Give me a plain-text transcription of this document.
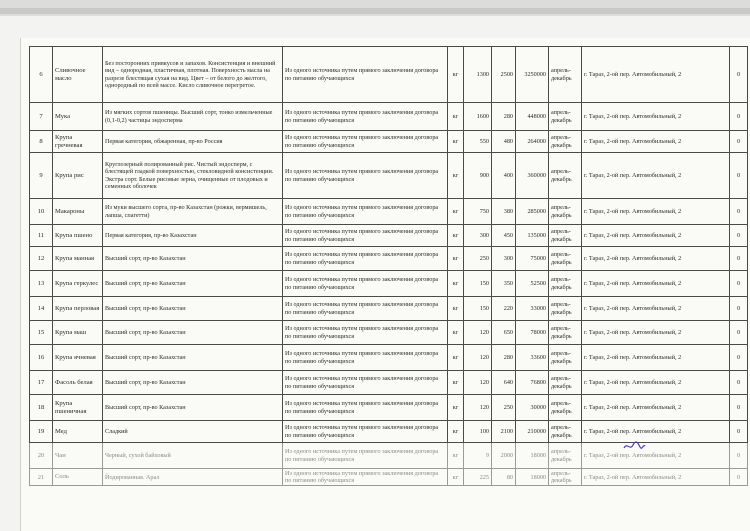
6	Сливочное масло	Без посторонних привкусов и запахов. Консистенция и внешний вид – однородная, пластичная, плотная. Поверхность масла на разрезе блестящая сухая на вид. Цвет – от белого до желтого, однородный по всей массе. Кисло сливочное перегретое.	Из одного источника путем прямого заключения договора по питанию обучающихся	кг	1300	2500	3250000	апрель-декабрь	г. Тараз, 2-ой пер. Автомобильный, 2	0
7	Мука	Из мягких сортов пшеницы. Высший сорт, тонко измельченные (0,1-0,2) частицы эндосперма	Из одного источника путем прямого заключения договора по питанию обучающихся	кг	1600	280	448000	апрель-декабрь	г. Тараз, 2-ой пер. Автомобильный, 2	0
8	Крупа гречневая	Первая категория, обжаренная, пр-во Россия	Из одного источника путем прямого заключения договора по питанию обучающихся	кг	550	480	264000	апрель-декабрь	г. Тараз, 2-ой пер. Автомобильный, 2	0
9	Крупа рис	Круглозерный полированный рис. Чистый эндосперм, с блестящей гладкой поверхностью, стекловидной консистенции. Экстра сорт. Белые рисовые зерна, очищенные от плодовых и семенных оболочек	Из одного источника путем прямого заключения договора по питанию обучающихся	кг	900	400	360000	апрель-декабрь	г. Тараз, 2-ой пер. Автомобильный, 2	0
10	Макароны	Из муки высшего сорта, пр-во Казахстан (рожки, вермишель, лапша, спагетти)	Из одного источника путем прямого заключения договора по питанию обучающихся	кг	750	380	285000	апрель-декабрь	г. Тараз, 2-ой пер. Автомобильный, 2	0
11	Крупа пшено	Первая категория, пр-во Казахстан	Из одного источника путем прямого заключения договора по питанию обучающихся	кг	300	450	135000	апрель-декабрь	г. Тараз, 2-ой пер. Автомобильный, 2	0
12	Крупа манная	Высший сорт, пр-во Казахстан	Из одного источника путем прямого заключения договора по питанию обучающихся	кг	250	300	75000	апрель-декабрь	г. Тараз, 2-ой пер. Автомобильный, 2	0
13	Крупа геркулес	Высший сорт, пр-во Казахстан	Из одного источника путем прямого заключения договора по питанию обучающихся	кг	150	350	52500	апрель-декабрь	г. Тараз, 2-ой пер. Автомобильный, 2	0
14	Крупа перловая	Высший сорт, пр-во Казахстан	Из одного источника путем прямого заключения договора по питанию обучающихся	кг	150	220	33000	апрель-декабрь	г. Тараз, 2-ой пер. Автомобильный, 2	0
15	Крупа маш	Высший сорт, пр-во Казахстан	Из одного источника путем прямого заключения договора по питанию обучающихся	кг	120	650	78000	апрель-декабрь	г. Тараз, 2-ой пер. Автомобильный, 2	0
16	Крупа ячневая	Высший сорт, пр-во Казахстан	Из одного источника путем прямого заключения договора по питанию обучающихся	кг	120	280	33600	апрель-декабрь	г. Тараз, 2-ой пер. Автомобильный, 2	0
17	Фасоль белая	Высший сорт, пр-во Казахстан	Из одного источника путем прямого заключения договора по питанию обучающихся	кг	120	640	76800	апрель-декабрь	г. Тараз, 2-ой пер. Автомобильный, 2	0
18	Крупа пшеничная	Высший сорт, пр-во Казахстан	Из одного источника путем прямого заключения договора по питанию обучающихся	кг	120	250	30000	апрель-декабрь	г. Тараз, 2-ой пер. Автомобильный, 2	0
19	Мед	Сладкий	Из одного источника путем прямого заключения договора по питанию обучающихся	кг	100	2100	210000	апрель-декабрь	г. Тараз, 2-ой пер. Автомобильный, 2	0
20	Чаи	Черный, сухой байховый	Из одного источника путем прямого заключения договора по питанию обучающихся	кг	9	2000	18000	апрель-декабрь	г. Тараз, 2-ой пер. Автомобильный, 2	0
21	Соль	Йодированная. Арал	Из одного источника путем прямого заключения договора по питанию обучающихся	кг	225	80	18000	апрель-декабрь	г. Тараз, 2-ой пер. Автомобильный, 2	0
